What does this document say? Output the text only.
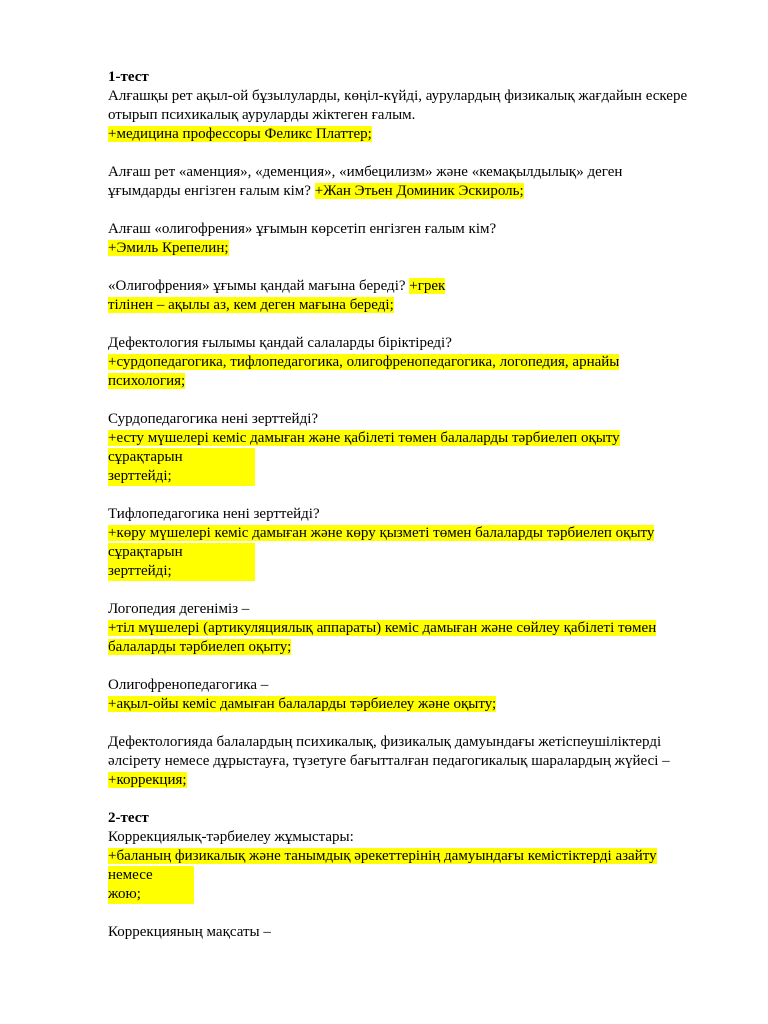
1-тест
Алғашқы рет ақыл-ой бұзылуларды, көңіл-күйді, аурулардың физикалық жағдайын ескере
отырып психикалық ауруларды жіктеген ғалым.
+медицина профессоры Феликс Платтер;
Алғаш рет «аменция», «деменция», «имбецилизм» және «кемақылдылық» деген
ұғымдарды енгізген ғалым кім? +Жан Этьен Доминик Эскироль;
Алғаш «олигофрения» ұғымын көрсетіп енгізген ғалым кім?
+Эмиль Крепелин;
«Олигофрения» ұғымы қандай мағына береді? +грек
тілінен – ақылы аз, кем деген мағына береді;
Дефектология ғылымы қандай салаларды біріктіреді?
+сурдопедагогика, тифлопедагогика, олигофренопедагогика, логопедия, арнайы
психология;
Сурдопедагогика нені зерттейді?
+есту мүшелері кеміс дамыған және қабілеті төмен балаларды тәрбиелеп оқыту
сұрақтарын
зерттейді;
Тифлопедагогика нені зерттейді?
+көру мүшелері кеміс дамыған және көру қызметі төмен балаларды тәрбиелеп оқыту
сұрақтарын
зерттейді;
Логопедия дегеніміз –
+тіл мүшелері (артикуляциялық аппараты) кеміс дамыған және сөйлеу қабілеті төмен
балаларды тәрбиелеп оқыту;
Олигофренопедагогика –
+ақыл-ойы кеміс дамыған балаларды тәрбиелеу және оқыту;
Дефектологияда балалардың психикалық, физикалық дамуындағы жетіспеушіліктерді
әлсірету немесе дұрыстауға, түзетуге бағытталған педагогикалық шаралардың жүйесі –
+коррекция;
2-тест
Коррекциялық-тәрбиелеу жұмыстары:
+баланың физикалық және танымдық әрекеттерінің дамуындағы кемістіктерді азайту
немесе
жою;
Коррекцияның мақсаты –
